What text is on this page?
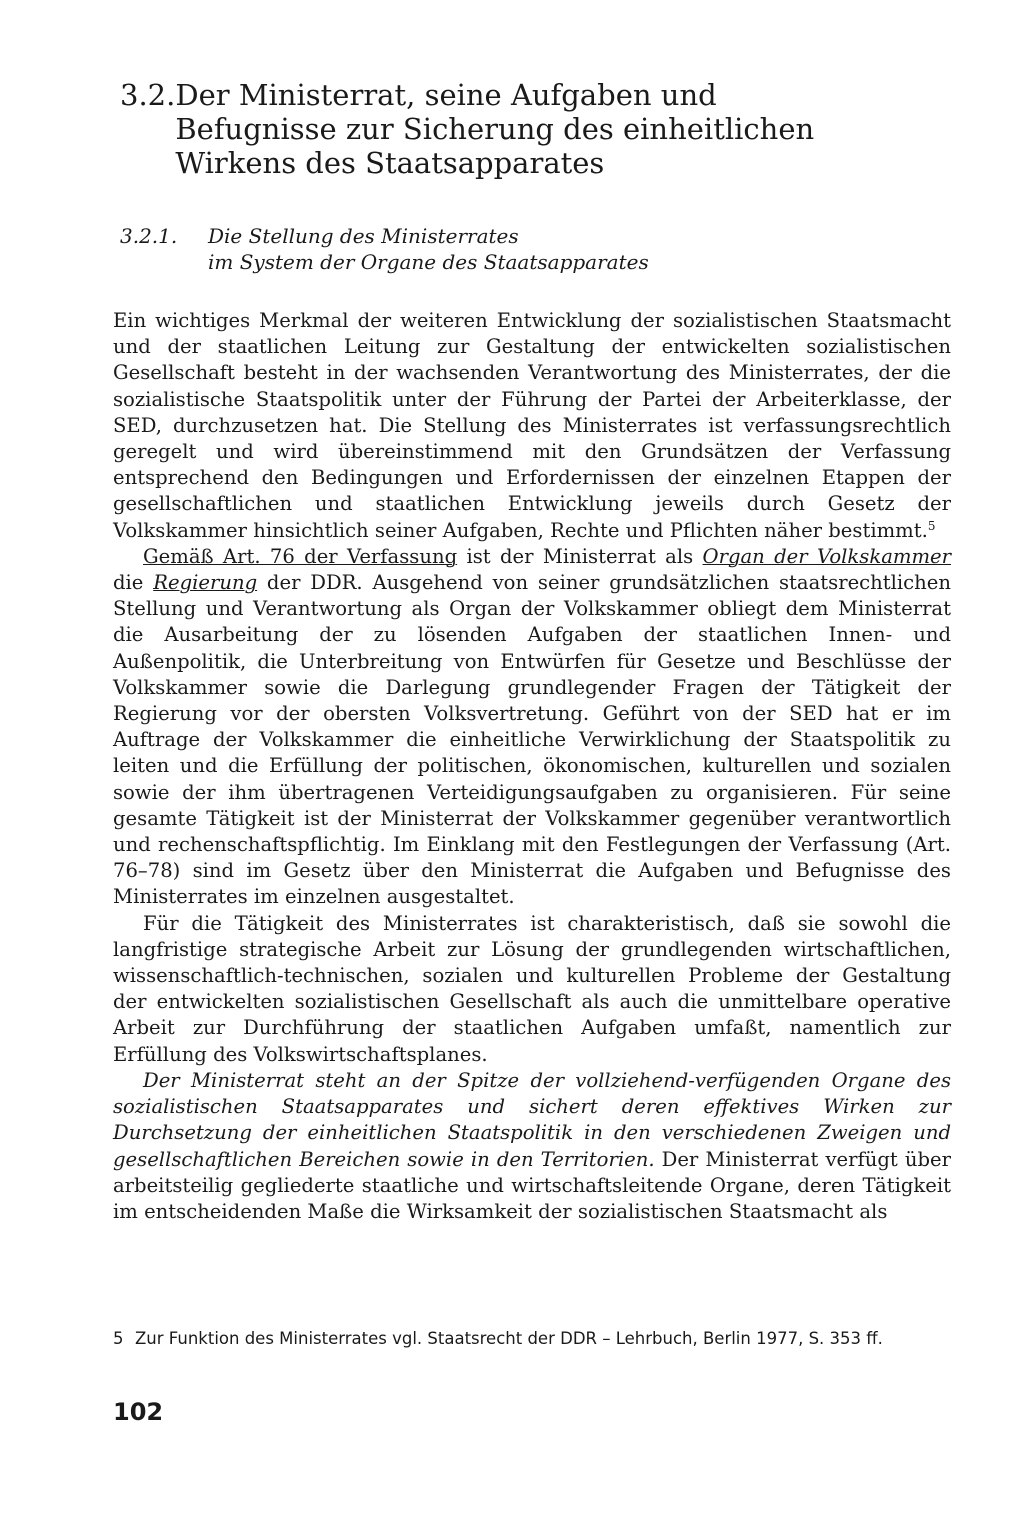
3.2. Der Ministerrat, seine Aufgaben und Befugnisse zur Sicherung des einheitlichen Wirkens des Staatsapparates
3.2.1.	Die Stellung des Ministerrates
im System der Organe des Staatsapparates

Ein wichtiges Merkmal der weiteren Entwicklung der sozialistischen Staatsmacht und der staatlichen Leitung zur Gestaltung der entwickelten sozialistischen Gesellschaft besteht in der wachsenden Verantwortung des Ministerrates, der die sozialistische Staatspolitik unter der Führung der Partei der Arbeiterklasse, der SED, durchzusetzen hat. Die Stellung des Ministerrates ist verfassungsrechtlich geregelt und wird übereinstimmend mit den Grundsätzen der Verfassung entsprechend den Bedingungen und Erfordernissen der einzelnen Etappen der gesellschaftlichen und staatlichen Entwicklung jeweils durch Gesetz der Volkskammer hinsichtlich seiner Aufgaben, Rechte und Pflichten näher bestimmt.$^5$

Gemäß Art. 76 der Verfassung ist der Ministerrat als Organ der Volkskammer die Regierung der DDR. Ausgehend von seiner grundsätzlichen staatsrechtlichen Stellung und Verantwortung als Organ der Volkskammer obliegt dem Ministerrat die Ausarbeitung der zu lösenden Aufgaben der staatlichen Innen- und Außenpolitik, die Unterbreitung von Entwürfen für Gesetze und Beschlüsse der Volkskammer sowie die Darlegung grundlegender Fragen der Tätigkeit der Regierung vor der obersten Volksvertretung. Geführt von der SED hat er im Auftrage der Volkskammer die einheitliche Verwirklichung der Staatspolitik zu leiten und die Erfüllung der politischen, ökonomischen, kulturellen und sozialen sowie der ihm übertragenen Verteidigungsaufgaben zu organisieren. Für seine gesamte Tätigkeit ist der Ministerrat der Volkskammer gegenüber verantwortlich und rechenschaftspflichtig. Im Einklang mit den Festlegungen der Verfassung (Art. 76–78) sind im Gesetz über den Ministerrat die Aufgaben und Befugnisse des Ministerrates im einzelnen ausgestaltet.

Für die Tätigkeit des Ministerrates ist charakteristisch, daß sie sowohl die langfristige strategische Arbeit zur Lösung der grundlegenden wirtschaftlichen, wissenschaftlich-technischen, sozialen und kulturellen Probleme der Gestaltung der entwickelten sozialistischen Gesellschaft als auch die unmittelbare operative Arbeit zur Durchführung der staatlichen Aufgaben umfaßt, namentlich zur Erfüllung des Volkswirtschaftsplanes.

Der Ministerrat steht an der Spitze der vollziehend-verfügenden Organe des sozialistischen Staatsapparates und sichert deren effektives Wirken zur Durchsetzung der einheitlichen Staatspolitik in den verschiedenen Zweigen und gesellschaftlichen Bereichen sowie in den Territorien. Der Ministerrat verfügt über arbeitsteilig gegliederte staatliche und wirtschaftsleitende Organe, deren Tätigkeit im entscheidenden Maße die Wirksamkeit der sozialistischen Staatsmacht als

5 Zur Funktion des Ministerrates vgl. Staatsrecht der DDR – Lehrbuch, Berlin 1977, S. 353 ff.
102
